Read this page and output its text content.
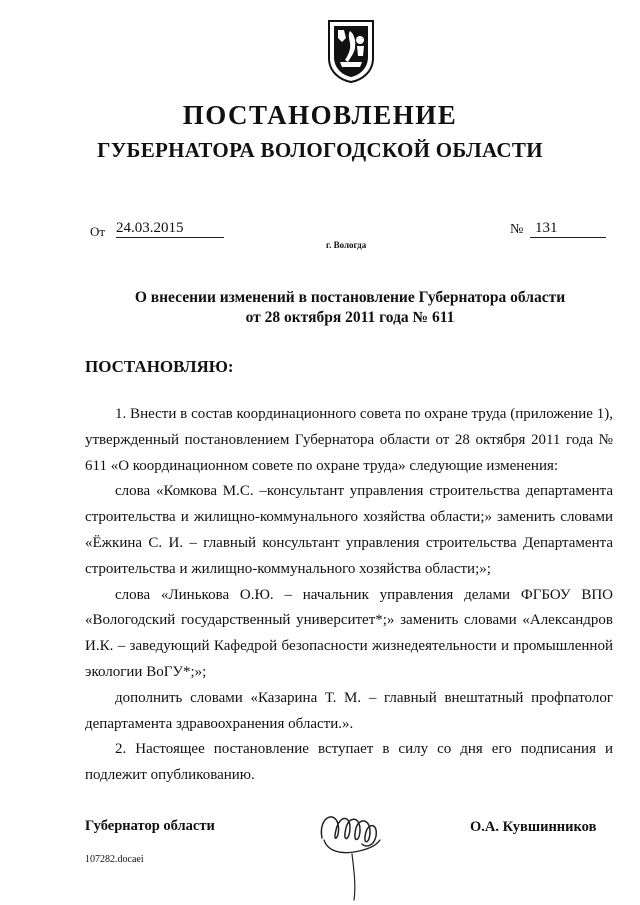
ПОСТАНОВЛЕНИЕ
ГУБЕРНАТОРА ВОЛОГОДСКОЙ ОБЛАСТИ
От 24.03.2015	№ 131
г. Вологда
О внесении изменений в постановление Губернатора области
от 28 октября 2011 года № 611
ПОСТАНОВЛЯЮ:

1. Внести в состав координационного совета по охране труда (приложение 1), утвержденный постановлением Губернатора области от 28 октября 2011 года № 611 «О координационном совете по охране труда» следующие изменения:

слова «Комкова М.С. –консультант управления строительства департамента строительства и жилищно-коммунального хозяйства области;» заменить словами «Ёжкина С. И. – главный консультант управления строительства Департамента строительства и жилищно-коммунального хозяйства области;»;

слова «Линькова О.Ю. – начальник управления делами ФГБОУ ВПО «Вологодский государственный университет*;» заменить словами «Александров И.К. – заведующий Кафедрой безопасности жизнедеятельности и промышленной экологии ВоГУ*;»;

дополнить словами «Казарина Т. М. – главный внештатный профпатолог департамента здравоохранения области.».

2. Настоящее постановление вступает в силу со дня его подписания и подлежит опубликованию.

Губернатор области	О.А. Кувшинников
107282.docaei
